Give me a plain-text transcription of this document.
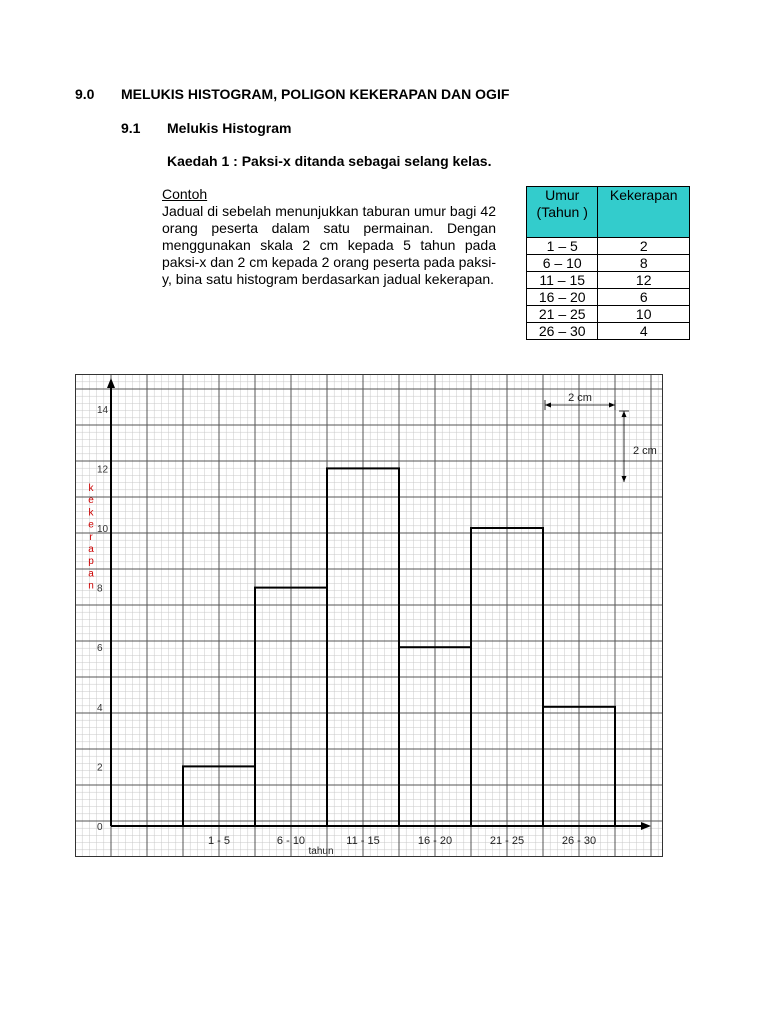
9.0 MELUKIS HISTOGRAM, POLIGON KEKERAPAN DAN OGIF
9.1 Melukis Histogram
Kaedah 1 : Paksi-x ditanda sebagai selang kelas.
Contoh

Jadual di sebelah menunjukkan taburan umur bagi 42 orang peserta dalam satu permainan. Dengan menggunakan skala 2 cm kepada 5 tahun pada paksi-x dan 2 cm kepada 2 orang peserta pada paksi-y, bina satu histogram berdasarkan jadual kekerapan.

Umur (Tahun )	Kekerapan
1 – 5	2
6 – 10	8
11 – 15	12
16 – 20	6
21 – 25	10
26 – 30	4
0
2
4
6
8
10
12
14
1 - 5	6 - 10	11 - 15	16 - 20	21 - 25	26 - 30
tahun
k
e
k
e
r
a
p
a
n
2 cm
2 cm
